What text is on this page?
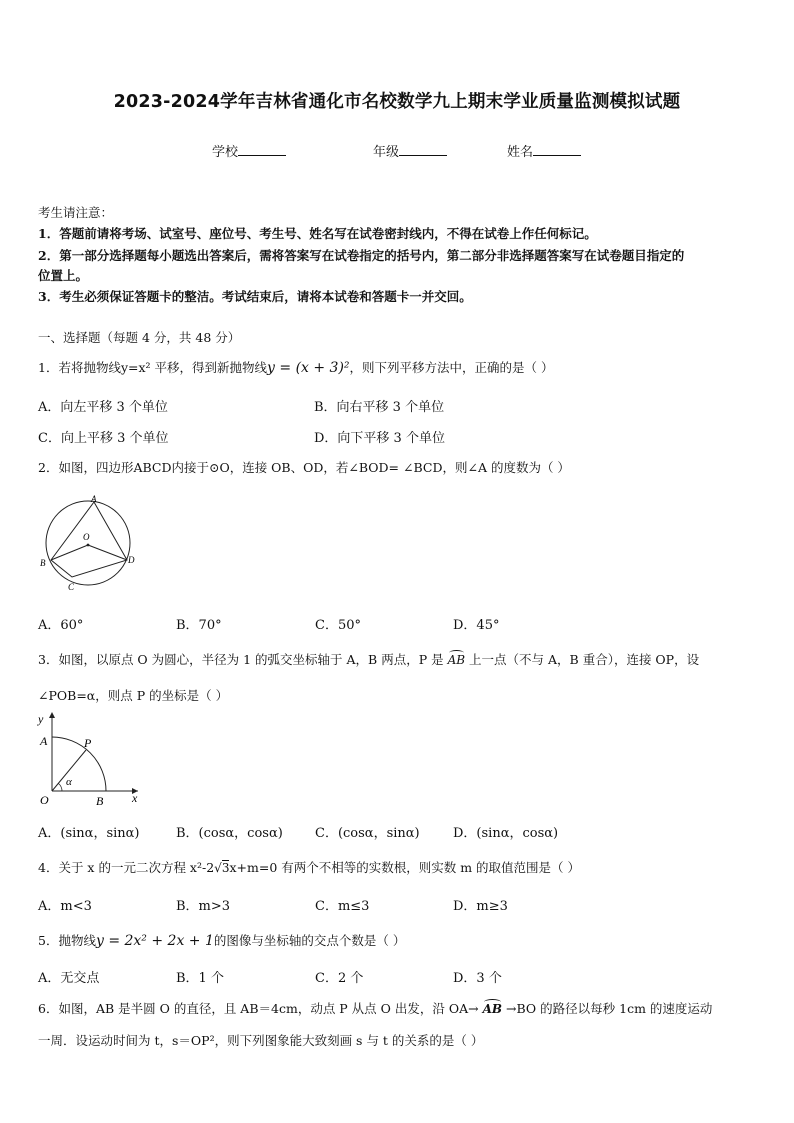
2023-2024学年吉林省通化市名校数学九上期末学业质量监测模拟试题
学校	年级	姓名
考生请注意：
1．答题前请将考场、试室号、座位号、考生号、姓名写在试卷密封线内，不得在试卷上作任何标记。
2．第一部分选择题每小题选出答案后，需将答案写在试卷指定的括号内，第二部分非选择题答案写在试卷题目指定的
位置上。
3．考生必须保证答题卡的整洁。考试结束后，请将本试卷和答题卡一并交回。
一、选择题（每题 4 分，共 48 分）
1．若将抛物线y=x² 平移，得到新抛物线y = (x + 3)²，则下列平移方法中，正确的是（ ）
A．向左平移 3 个单位	B．向右平移 3 个单位
C．向上平移 3 个单位	D．向下平移 3 个单位
2．如图，四边形ABCD内接于⊙O，连接 OB、OD，若∠BOD= ∠BCD，则∠A 的度数为（ ）
A
O
B
C
D
A．60°	B．70°	C．50°	D．45°
3．如图，以原点 O 为圆心，半径为 1 的弧交坐标轴于 A，B 两点，P 是 AB 上一点（不与 A，B 重合），连接 OP，设
∠POB=α，则点 P 的坐标是（ ）
y
x
A	P
O	B
α
A．(sinα，sinα)	B．(cosα，cosα) C．(cosα，sinα)	D．(sinα，cosα)
4．关于 x 的一元二次方程 x²-2√3x+m=0 有两个不相等的实数根，则实数 m 的取值范围是（ ）
A．m<3	B．m>3	C．m≤3	D．m≥3
5．抛物线y = 2x² + 2x + 1的图像与坐标轴的交点个数是（ ）
A．无交点	B．1 个	C．2 个	D．3 个
6．如图，AB 是半圆 O 的直径，且 AB＝4cm，动点 P 从点 O 出发，沿 OA→ AB →BO 的路径以每秒 1cm 的速度运动
一周．设运动时间为 t，s＝OP²，则下列图象能大致刻画 s 与 t 的关系的是（ ）
